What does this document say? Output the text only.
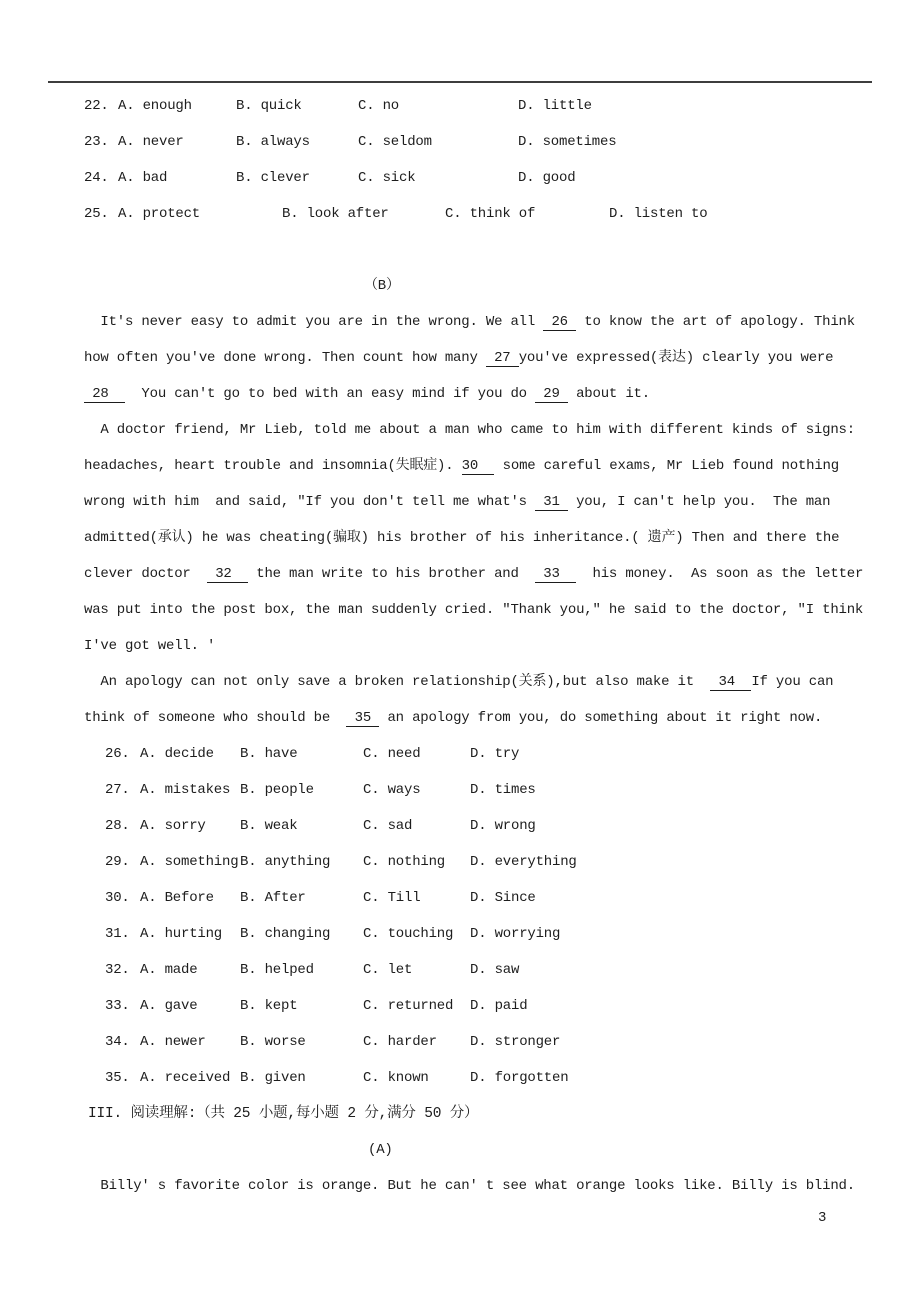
22. A. enough	B. quick	C. no	D. little
23. A. never	B. always	C. seldom	D. sometimes
24. A. bad	B. clever	C. sick	D. good
25. A. protect	B. look after	C. think of	D. listen to
（B）
It's never easy to admit you are in the wrong. We all  26  to know the art of apology. Think
how often you've done wrong. Then count how many  27 you've expressed(表达) clearly you were
28    You can't go to bed with an easy mind if you do  29  about it.
A doctor friend, Mr Lieb, told me about a man who came to him with different kinds of signs:
headaches, heart trouble and insomnia(失眠症). 30   some careful exams, Mr Lieb found nothing
wrong with him  and said, "If you don't tell me what's  31  you, I can't help you.  The man
admitted(承认) he was cheating(骗取) his brother of his inheritance.( 遗产) Then and there the
clever doctor   32   the man write to his brother and   33    his money.  As soon as the letter
was put into the post box, the man suddenly cried. "Thank you," he said to the doctor, "I think
I've got well. '
An apology can not only save a broken relationship(关系),but also make it   34  If you can
think of someone who should be   35  an apology from you, do something about it right now.
26. A. decide	B. have	C. need	D. try
27. A. mistakes B. people	C. ways	D. times
28. A. sorry	B. weak	C. sad	D. wrong
29. A. something B. anything	C. nothing	D. everything
30. A. Before	B. After	C. Till	D. Since
31. A. hurting	B. changing	C. touching	D. worrying
32. A. made	B. helped	C. let	D. saw
33. A. gave	B. kept	C. returned	D. paid
34. A. newer	B. worse	C. harder	D. stronger
35. A. received B. given	C. known	D. forgotten
III. 阅读理解:（共 25 小题,每小题 2 分,满分 50 分）
(A)
Billy' s favorite color is orange. But he can' t see what orange looks like. Billy is blind.
3
